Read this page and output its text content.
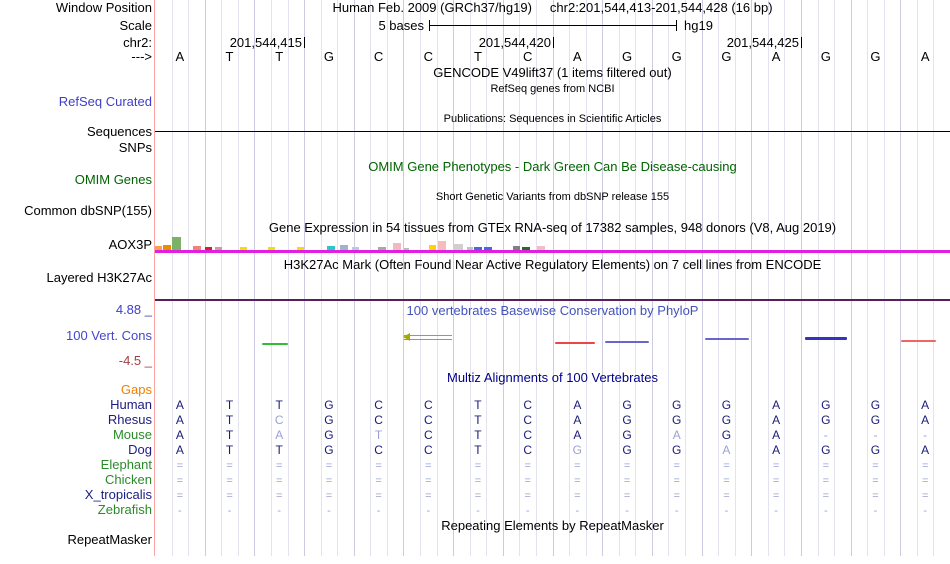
Human Feb. 2009 (GRCh37/hg19) chr2:201,544,413-201,544,428 (16 bp)
5 bases	hg19
201,544,415	201,544,420	201,544,425
A	T	T	G	C	C	T	C	A	G	G	G	A	G	G	A
Window Position
Scale
chr2:
--->
RefSeq Curated
Sequences
SNPs
OMIM Genes
Common dbSNP(155)
AOX3P
Layered H3K27Ac
4.88 _
100 Vert. Cons
-4.5 _
RepeatMasker
GENCODE V49lift37 (1 items filtered out)
RefSeq genes from NCBI
Publications: Sequences in Scientific Articles
OMIM Gene Phenotypes - Dark Green Can Be Disease-causing
Short Genetic Variants from dbSNP release 155
Gene Expression in 54 tissues from GTEx RNA-seq of 17382 samples, 948 donors (V8, Aug 2019)
H3K27Ac Mark (Often Found Near Active Regulatory Elements) on 7 cell lines from ENCODE
100 vertebrates Basewise Conservation by PhyloP
Multiz Alignments of 100 Vertebrates
Repeating Elements by RepeatMasker
Gaps
Human	A	T	T	G	C	C	T	C	A	G	G	G	A	G	G	A
Rhesus	A	T	C	G	C	C	T	C	A	G	G	G	A	G	G	A
Mouse	A	T	A	G	T	C	T	C	A	G	A	G	A	-	-	-
Dog	A	T	T	G	C	C	T	C	G	G	G	A	A	G	G	A
Elephant	=	=	=	=	=	=	=	=	=	=	=	=	=	=	=	=
Chicken	=	=	=	=	=	=	=	=	=	=	=	=	=	=	=	=
X_tropicalis	=	=	=	=	=	=	=	=	=	=	=	=	=	=	=	=
Zebrafish	-	-	-	-	-	-	-	-	-	-	-	-	-	-	-	-
